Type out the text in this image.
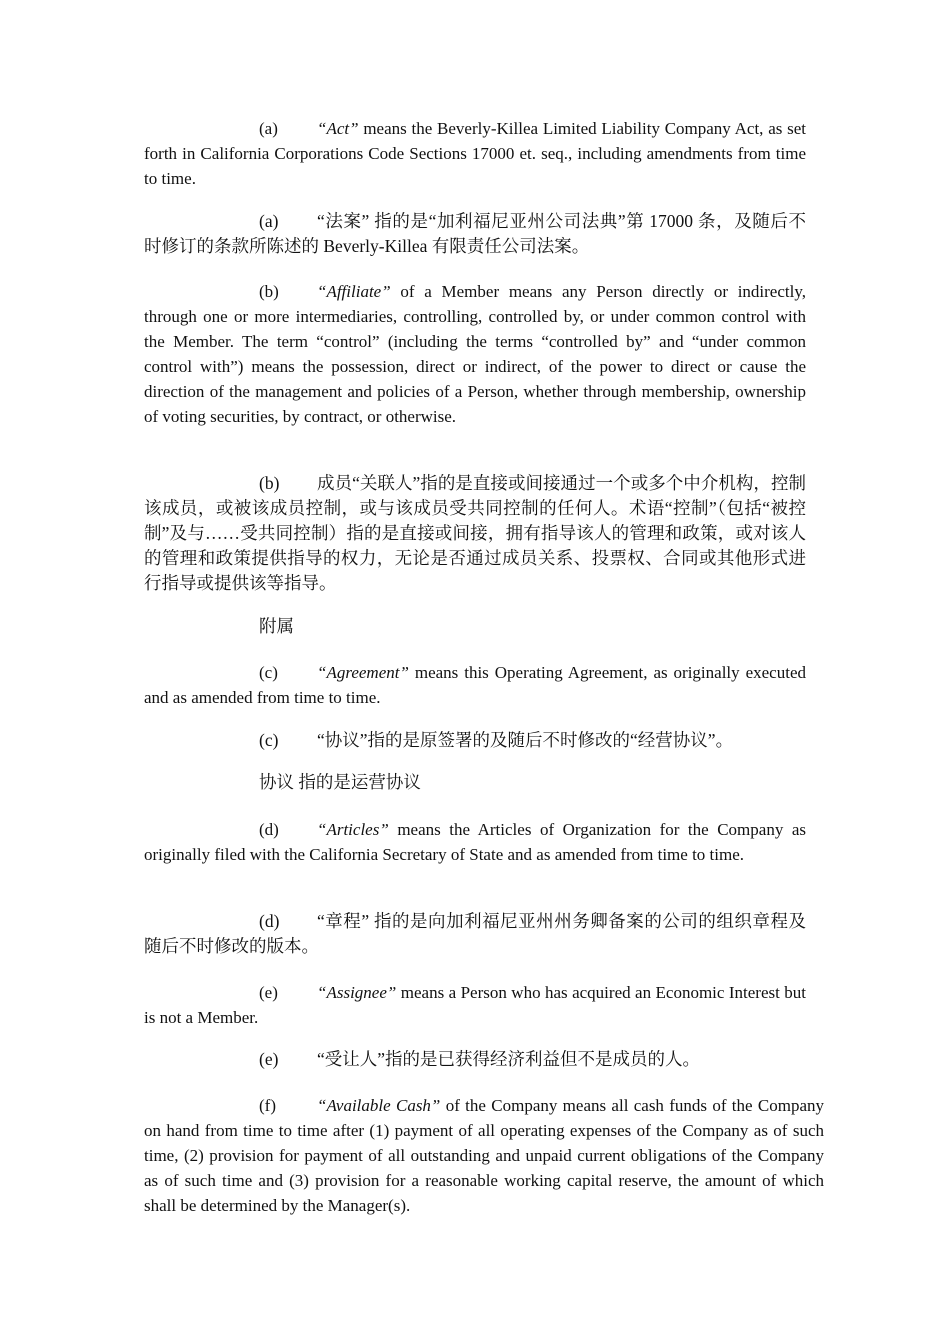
(a) “Act” means the Beverly-Killea Limited Liability Company Act, as set forth in California Corporations Code Sections 17000 et. seq., including amendments from time to time.
(a) “法案” 指的是“加利福尼亚州公司法典”第 17000 条，及随后不时修订的条款所陈述的 Beverly-Killea 有限责任公司法案。
(b) “Affiliate” of a Member means any Person directly or indirectly, through one or more intermediaries, controlling, controlled by, or under common control with the Member. The term “control” (including the terms “controlled by” and “under common control with”) means the possession, direct or indirect, of the power to direct or cause the direction of the management and policies of a Person, whether through membership, ownership of voting securities, by contract, or otherwise.
(b) 成员“关联人”指的是直接或间接通过一个或多个中介机构，控制该成员，或被该成员控制，或与该成员受共同控制的任何人。术语“控制”（包括“被控制”及与……受共同控制）指的是直接或间接，拥有指导该人的管理和政策，或对该人的管理和政策提供指导的权力，无论是否通过成员关系、投票权、合同或其他形式进行指导或提供该等指导。
附属
(c) “Agreement” means this Operating Agreement, as originally executed and as amended from time to time.
(c) “协议”指的是原签署的及随后不时修改的“经营协议”。
协议 指的是运营协议
(d) “Articles” means the Articles of Organization for the Company as originally filed with the California Secretary of State and as amended from time to time.
(d) “章程” 指的是向加利福尼亚州州务卿备案的公司的组织章程及随后不时修改的版本。
(e) “Assignee” means a Person who has acquired an Economic Interest but is not a Member.
(e) “受让人”指的是已获得经济利益但不是成员的人。
(f) “Available Cash” of the Company means all cash funds of the Company on hand from time to time after (1) payment of all operating expenses of the Company as of such time, (2) provision for payment of all outstanding and unpaid current obligations of the Company as of such time and (3) provision for a reasonable working capital reserve, the amount of which shall be determined by the Manager(s).
